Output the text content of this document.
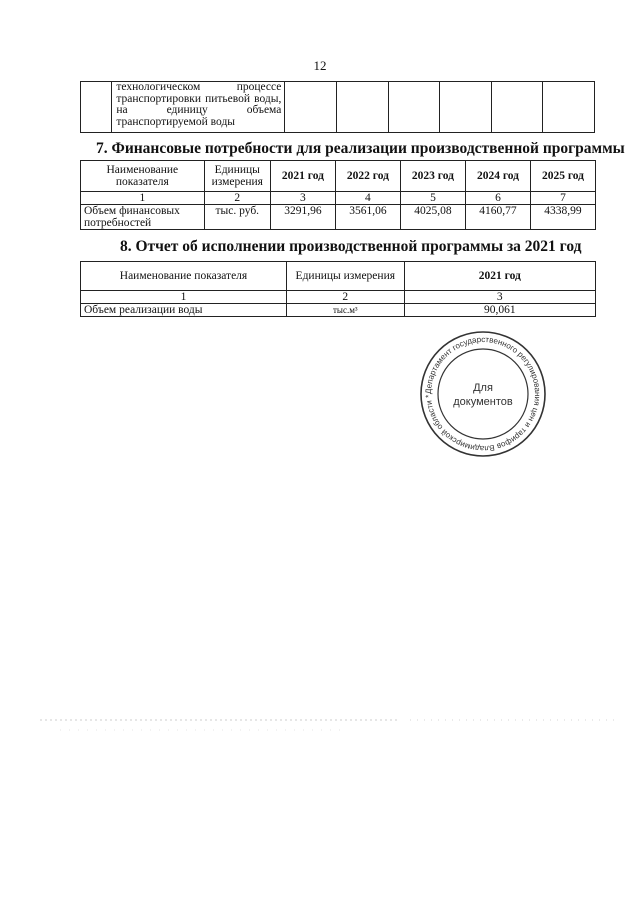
12
	технологическом процессе
транспортировки питьевой воды,
на единицу объема

транспортируемой воды

7. Финансовые потребности для реализации производственной программы
Наименование показателя	Единицы измерения	2021 год	2022 год	2023 год	2024 год	2025 год
1	2	3	4	5	6	7
Объем финансовых потребностей	тыс. руб.	3291,96	3561,06	4025,08	4160,77	4338,99
8. Отчет об исполнении производственной программы за 2021 год
Наименование показателя	Единицы измерения	2021 год
1	2	3
Объем реализации воды	тыс.м³	90,061
Департамент государственного регулирования цен и тарифов Владимирской области *
Для
документов
